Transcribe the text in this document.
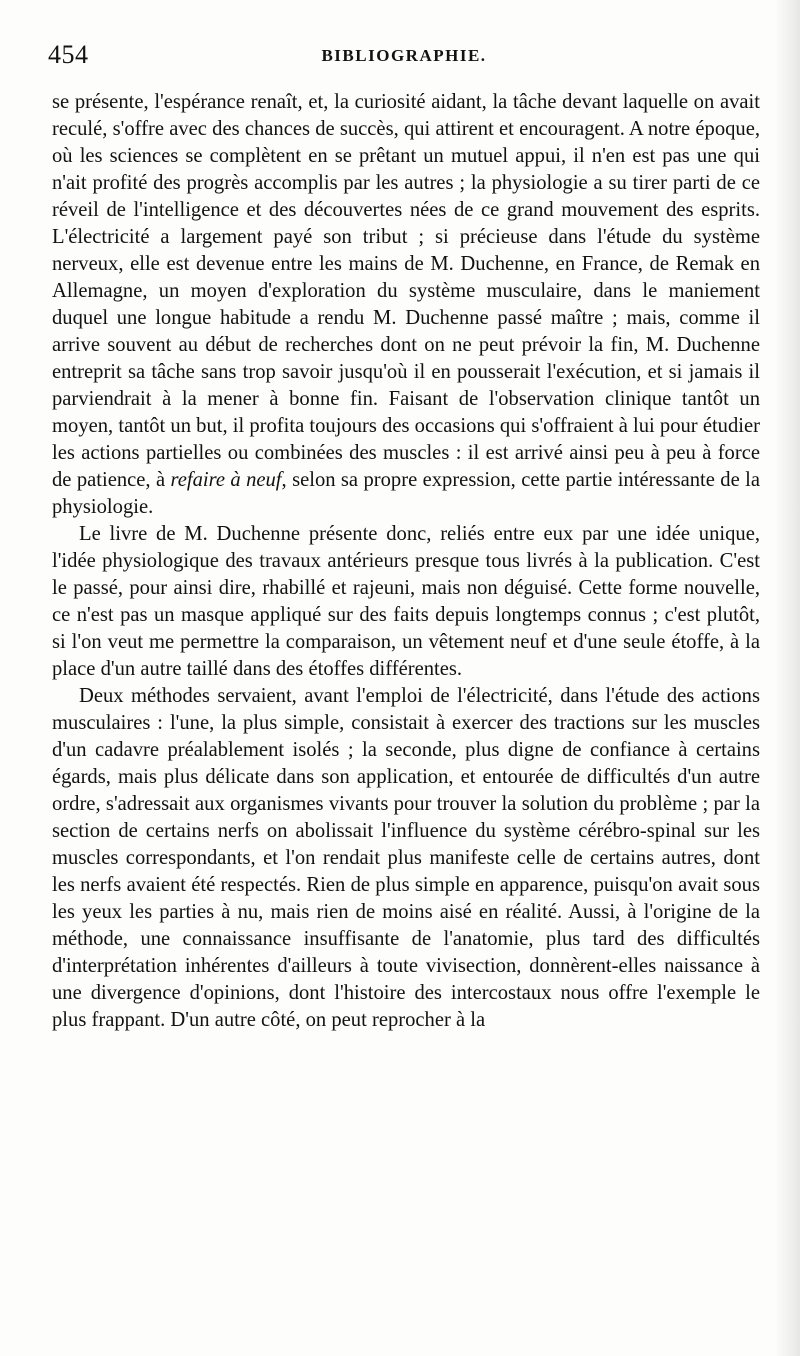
454	BIBLIOGRAPHIE.

se présente, l'espérance renaît, et, la curiosité aidant, la tâche devant laquelle on avait reculé, s'offre avec des chances de succès, qui attirent et encouragent. A notre époque, où les sciences se complètent en se prêtant un mutuel appui, il n'en est pas une qui n'ait profité des progrès accomplis par les autres ; la physiologie a su tirer parti de ce réveil de l'intelligence et des découvertes nées de ce grand mouvement des esprits. L'électricité a largement payé son tribut ; si précieuse dans l'étude du système nerveux, elle est devenue entre les mains de M. Duchenne, en France, de Remak en Allemagne, un moyen d'exploration du système musculaire, dans le maniement duquel une longue habitude a rendu M. Duchenne passé maître ; mais, comme il arrive souvent au début de recherches dont on ne peut prévoir la fin, M. Duchenne entreprit sa tâche sans trop savoir jusqu'où il en pousserait l'exécution, et si jamais il parviendrait à la mener à bonne fin. Faisant de l'observation clinique tantôt un moyen, tantôt un but, il profita toujours des occasions qui s'offraient à lui pour étudier les actions partielles ou combinées des muscles : il est arrivé ainsi peu à peu à force de patience, à refaire à neuf, selon sa propre expression, cette partie intéressante de la physiologie.

Le livre de M. Duchenne présente donc, reliés entre eux par une idée unique, l'idée physiologique des travaux antérieurs presque tous livrés à la publication. C'est le passé, pour ainsi dire, rhabillé et rajeuni, mais non déguisé. Cette forme nouvelle, ce n'est pas un masque appliqué sur des faits depuis longtemps connus ; c'est plutôt, si l'on veut me permettre la comparaison, un vêtement neuf et d'une seule étoffe, à la place d'un autre taillé dans des étoffes différentes.

Deux méthodes servaient, avant l'emploi de l'électricité, dans l'étude des actions musculaires : l'une, la plus simple, consistait à exercer des tractions sur les muscles d'un cadavre préalablement isolés ; la seconde, plus digne de confiance à certains égards, mais plus délicate dans son application, et entourée de difficultés d'un autre ordre, s'adressait aux organismes vivants pour trouver la solution du problème ; par la section de certains nerfs on abolissait l'influence du système cérébro-spinal sur les muscles correspondants, et l'on rendait plus manifeste celle de certains autres, dont les nerfs avaient été respectés. Rien de plus simple en apparence, puisqu'on avait sous les yeux les parties à nu, mais rien de moins aisé en réalité. Aussi, à l'origine de la méthode, une connaissance insuffisante de l'anatomie, plus tard des difficultés d'interprétation inhérentes d'ailleurs à toute vivisection, donnèrent-elles naissance à une divergence d'opinions, dont l'histoire des intercostaux nous offre l'exemple le plus frappant. D'un autre côté, on peut reprocher à la
